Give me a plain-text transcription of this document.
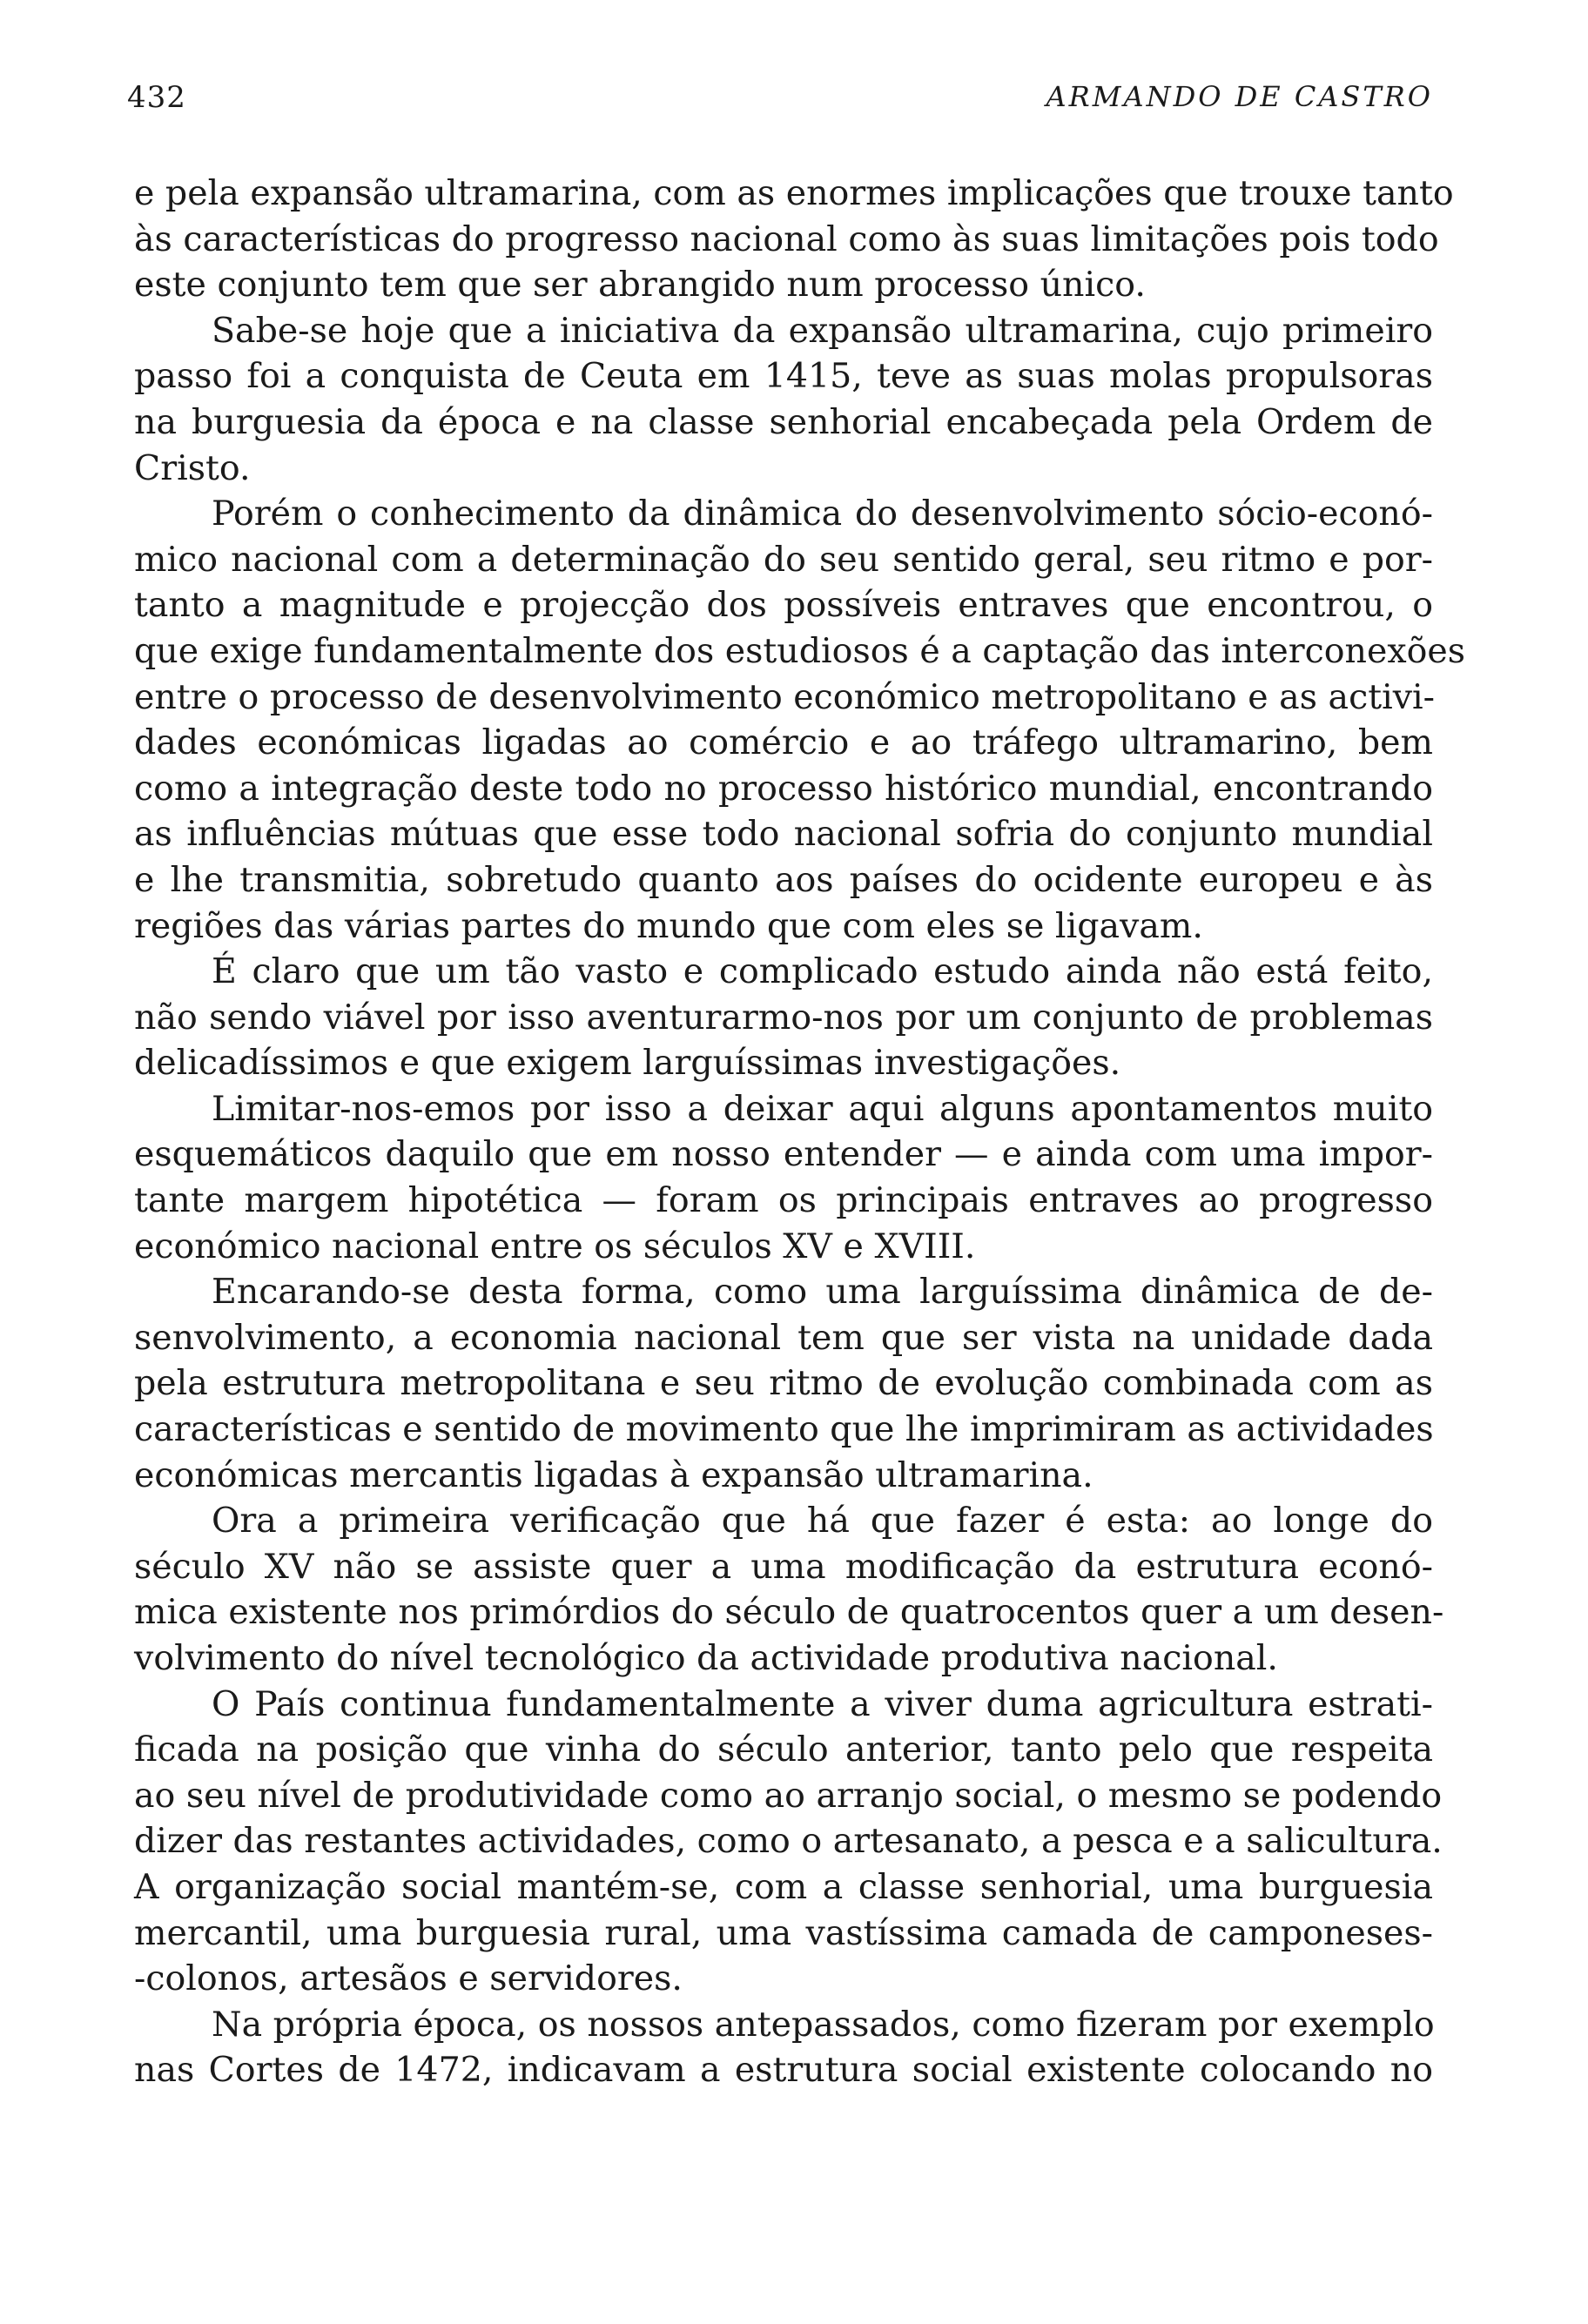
432	ARMANDO DE CASTRO
e pela expansão ultramarina, com as enormes implicações que trouxe tanto
às características do progresso nacional como às suas limitações pois todo
este conjunto tem que ser abrangido num processo único.
Sabe-se hoje que a iniciativa da expansão ultramarina, cujo primeiro
passo foi a conquista de Ceuta em 1415, teve as suas molas propulsoras
na burguesia da época e na classe senhorial encabeçada pela Ordem de
Cristo.
Porém o conhecimento da dinâmica do desenvolvimento sócio-econó-
mico nacional com a determinação do seu sentido geral, seu ritmo e por-
tanto a magnitude e projecção dos possíveis entraves que encontrou, o
que exige fundamentalmente dos estudiosos é a captação das interconexões
entre o processo de desenvolvimento económico metropolitano e as activi-
dades económicas ligadas ao comércio e ao tráfego ultramarino, bem
como a integração deste todo no processo histórico mundial, encontrando
as influências mútuas que esse todo nacional sofria do conjunto mundial
e lhe transmitia, sobretudo quanto aos países do ocidente europeu e às
regiões das várias partes do mundo que com eles se ligavam.
É claro que um tão vasto e complicado estudo ainda não está feito,
não sendo viável por isso aventurarmo-nos por um conjunto de problemas
delicadíssimos e que exigem larguíssimas investigações.
Limitar-nos-emos por isso a deixar aqui alguns apontamentos muito
esquemáticos daquilo que em nosso entender — e ainda com uma impor-
tante margem hipotética — foram os principais entraves ao progresso
económico nacional entre os séculos XV e XVIII.
Encarando-se desta forma, como uma larguíssima dinâmica de de-
senvolvimento, a economia nacional tem que ser vista na unidade dada
pela estrutura metropolitana e seu ritmo de evolução combinada com as
características e sentido de movimento que lhe imprimiram as actividades
económicas mercantis ligadas à expansão ultramarina.
Ora a primeira verificação que há que fazer é esta: ao longe do
século XV não se assiste quer a uma modificação da estrutura econó-
mica existente nos primórdios do século de quatrocentos quer a um desen-
volvimento do nível tecnológico da actividade produtiva nacional.
O País continua fundamentalmente a viver duma agricultura estrati-
ficada na posição que vinha do século anterior, tanto pelo que respeita
ao seu nível de produtividade como ao arranjo social, o mesmo se podendo
dizer das restantes actividades, como o artesanato, a pesca e a salicultura.
A organização social mantém-se, com a classe senhorial, uma burguesia
mercantil, uma burguesia rural, uma vastíssima camada de camponeses-
-colonos, artesãos e servidores.
Na própria época, os nossos antepassados, como fizeram por exemplo
nas Cortes de 1472, indicavam a estrutura social existente colocando no
